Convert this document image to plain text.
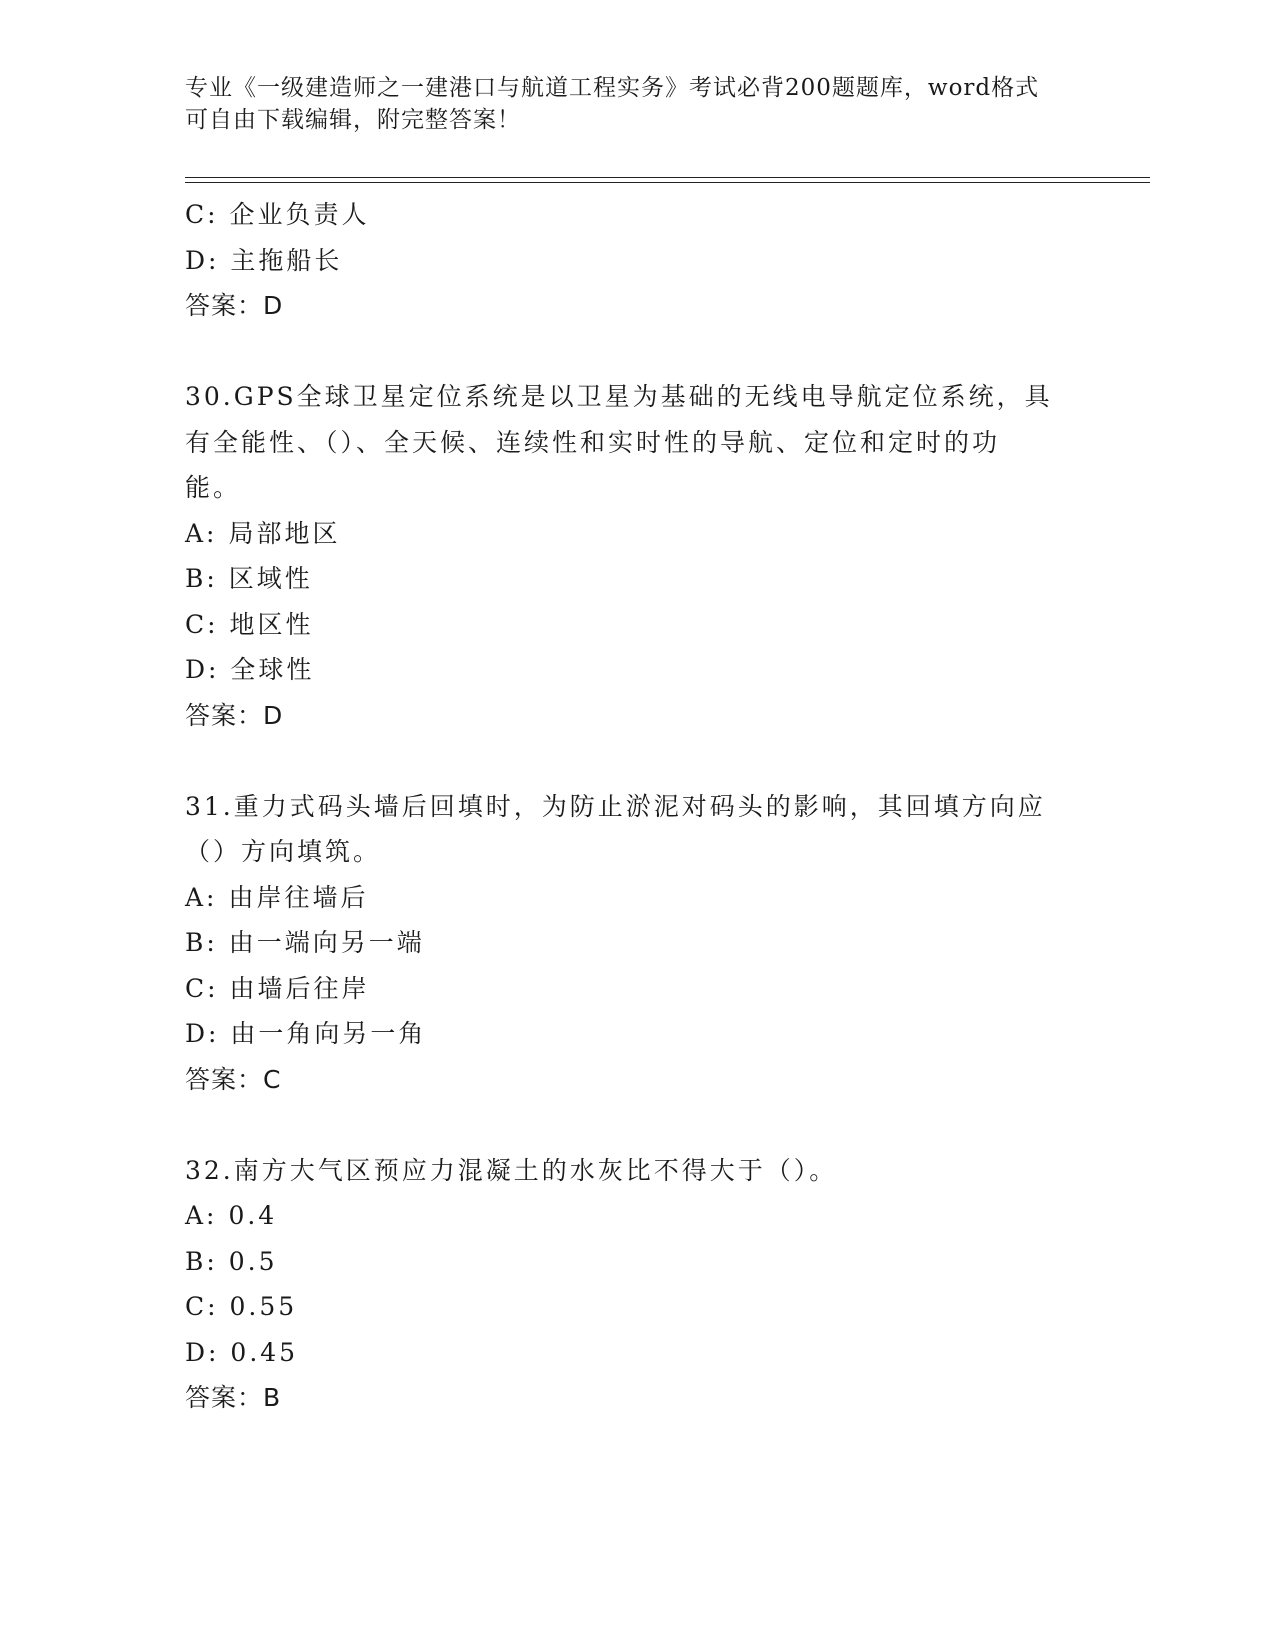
专业《一级建造师之一建港口与航道工程实务》考试必背200题题库，word格式
可自由下载编辑，附完整答案！
C: 企业负责人
D: 主拖船长
答案：D
30.GPS全球卫星定位系统是以卫星为基础的无线电导航定位系统，具
有全能性、（）、全天候、连续性和实时性的导航、定位和定时的功
能。
A: 局部地区
B: 区域性
C: 地区性
D: 全球性
答案：D
31.重力式码头墙后回填时，为防止淤泥对码头的影响，其回填方向应
（）方向填筑。
A: 由岸往墙后
B: 由一端向另一端
C: 由墙后往岸
D: 由一角向另一角
答案：C
32.南方大气区预应力混凝土的水灰比不得大于（）。
A: 0.4
B: 0.5
C: 0.55
D: 0.45
答案：B
